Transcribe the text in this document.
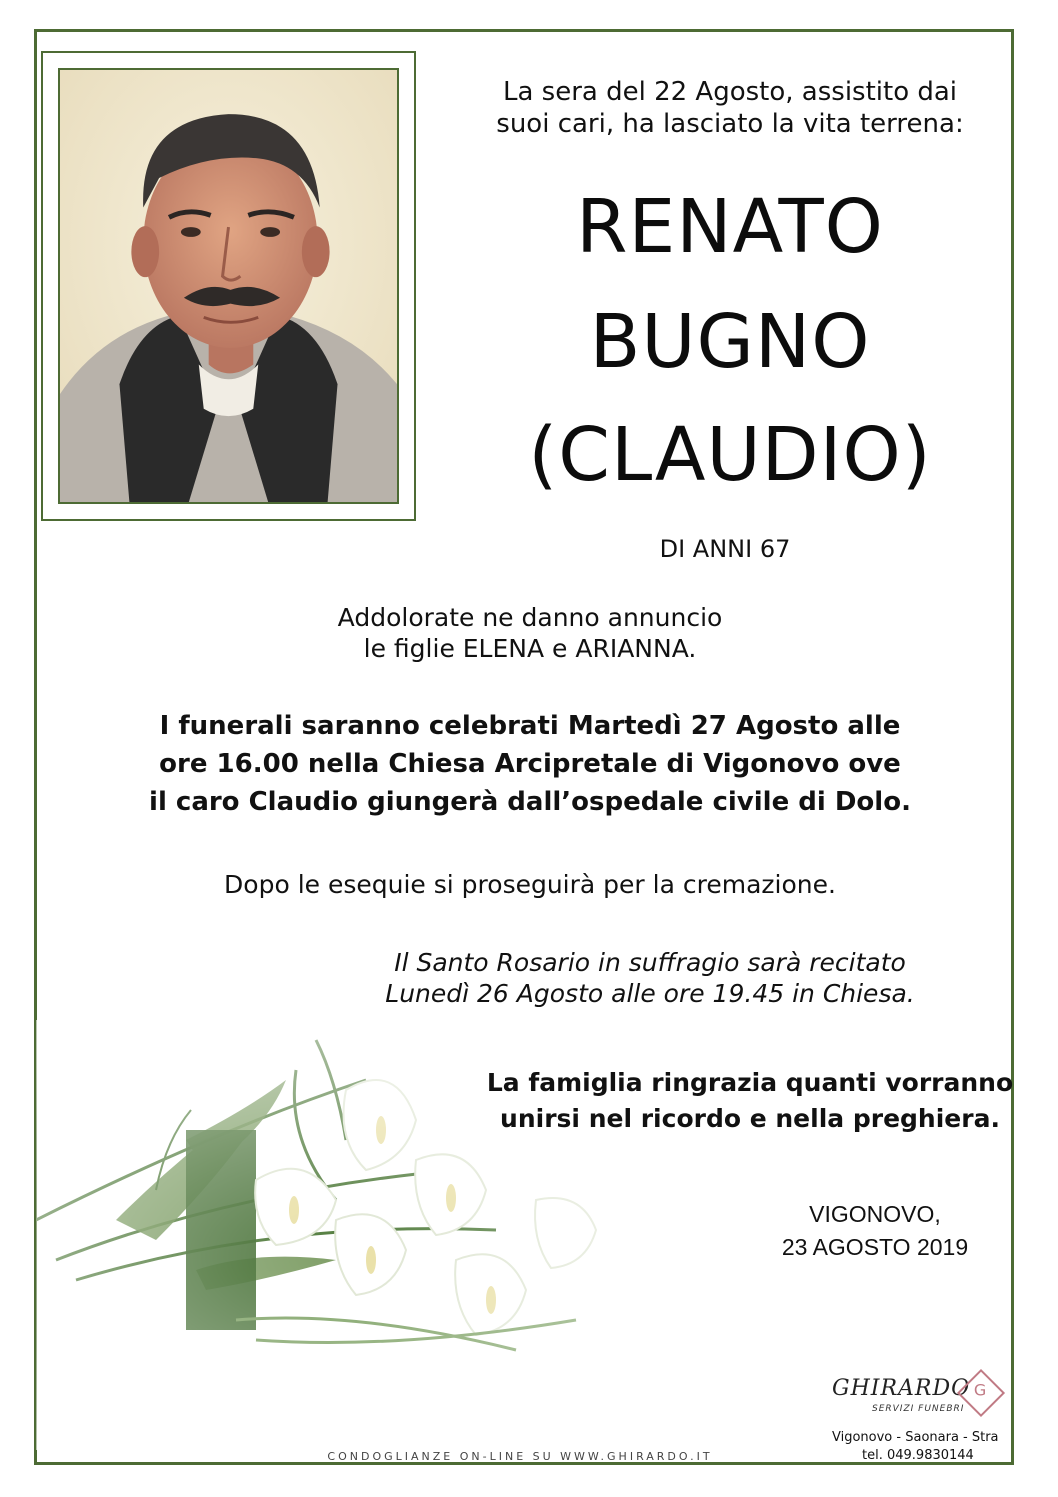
La sera del 22 Agosto, assistito dai
suoi cari, ha lasciato la vita terrena:
RENATO
BUGNO
(CLAUDIO)
DI ANNI 67
Addolorate ne danno annuncio
le figlie ELENA e ARIANNA.
I funerali saranno celebrati Martedì 27 Agosto alle
ore 16.00 nella Chiesa Arcipretale di Vigonovo ove
il caro Claudio giungerà dall’ospedale civile di Dolo.
Dopo le esequie si proseguirà per la cremazione.
Il Santo Rosario in suffragio sarà recitato
Lunedì 26 Agosto alle ore 19.45 in Chiesa.
La famiglia ringrazia quanti vorranno
unirsi nel ricordo e nella preghiera.
VIGONOVO,
23 AGOSTO 2019
GHIRARDO
SERVIZI FUNEBRI
G
Vigonovo - Saonara - Stra
tel. 049.9830144
CONDOGLIANZE ON-LINE SU WWW.GHIRARDO.IT
